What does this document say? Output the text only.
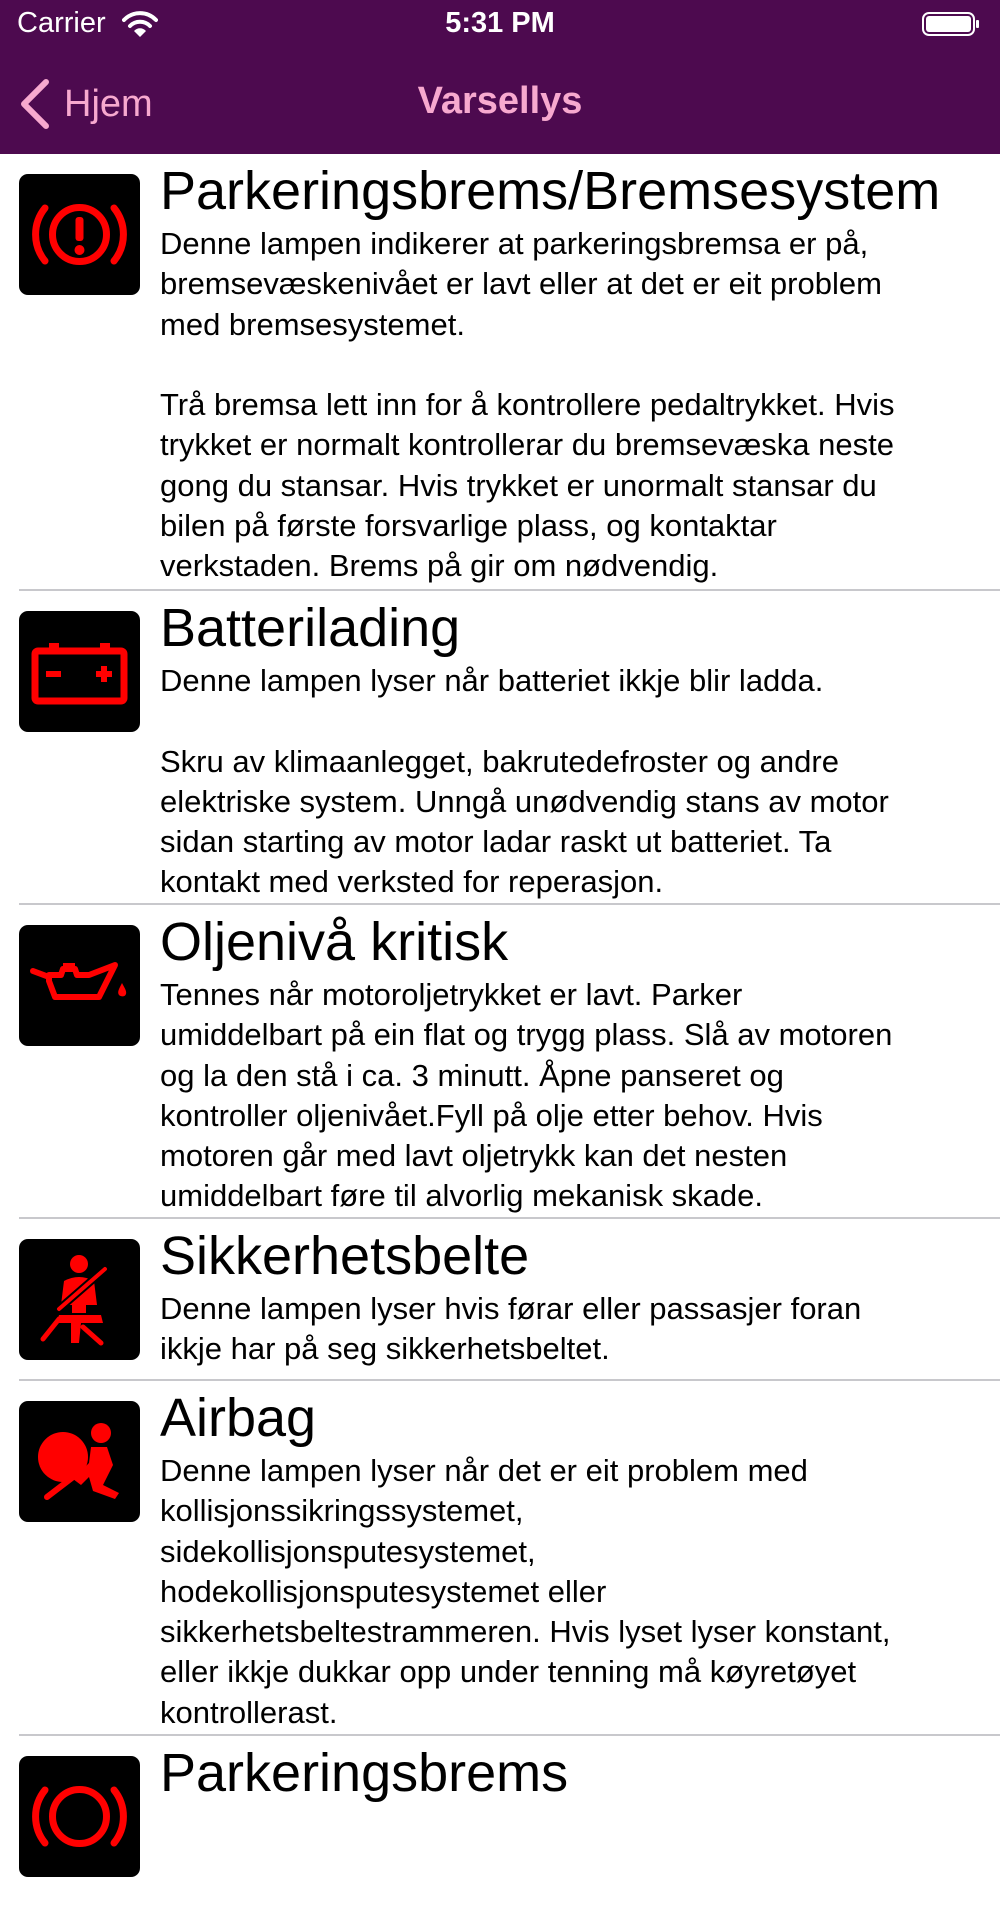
Carrier	5:31 PM
Hjem	Varsellys
Parkeringsbrems/Bremsesystem
Denne lampen indikerer at parkeringsbremsa er på,
bremsevæskenivået er lavt eller at det er eit problem
med bremsesystemet.

Trå bremsa lett inn for å kontrollere pedaltrykket. Hvis
trykket er normalt kontrollerar du bremsevæska neste
gong du stansar. Hvis trykket er unormalt stansar du
bilen på første forsvarlige plass, og kontaktar
verkstaden. Brems på gir om nødvendig.
Batterilading
Denne lampen lyser når batteriet ikkje blir ladda.

Skru av klimaanlegget, bakrutedefroster og andre
elektriske system. Unngå unødvendig stans av motor
sidan starting av motor ladar raskt ut batteriet. Ta
kontakt med verksted for reperasjon.
Oljenivå kritisk
Tennes når motoroljetrykket er lavt. Parker
umiddelbart på ein flat og trygg plass. Slå av motoren
og la den stå i ca. 3 minutt. Åpne panseret og
kontroller oljenivået.Fyll på olje etter behov. Hvis
motoren går med lavt oljetrykk kan det nesten
umiddelbart føre til alvorlig mekanisk skade.
Sikkerhetsbelte
Denne lampen lyser hvis førar eller passasjer foran
ikkje har på seg sikkerhetsbeltet.
Airbag
Denne lampen lyser når det er eit problem med
kollisjonssikringssystemet,
sidekollisjonsputesystemet,
hodekollisjonsputesystemet eller
sikkerhetsbeltestrammeren. Hvis lyset lyser konstant,
eller ikkje dukkar opp under tenning må køyretøyet
kontrollerast.
Parkeringsbrems
